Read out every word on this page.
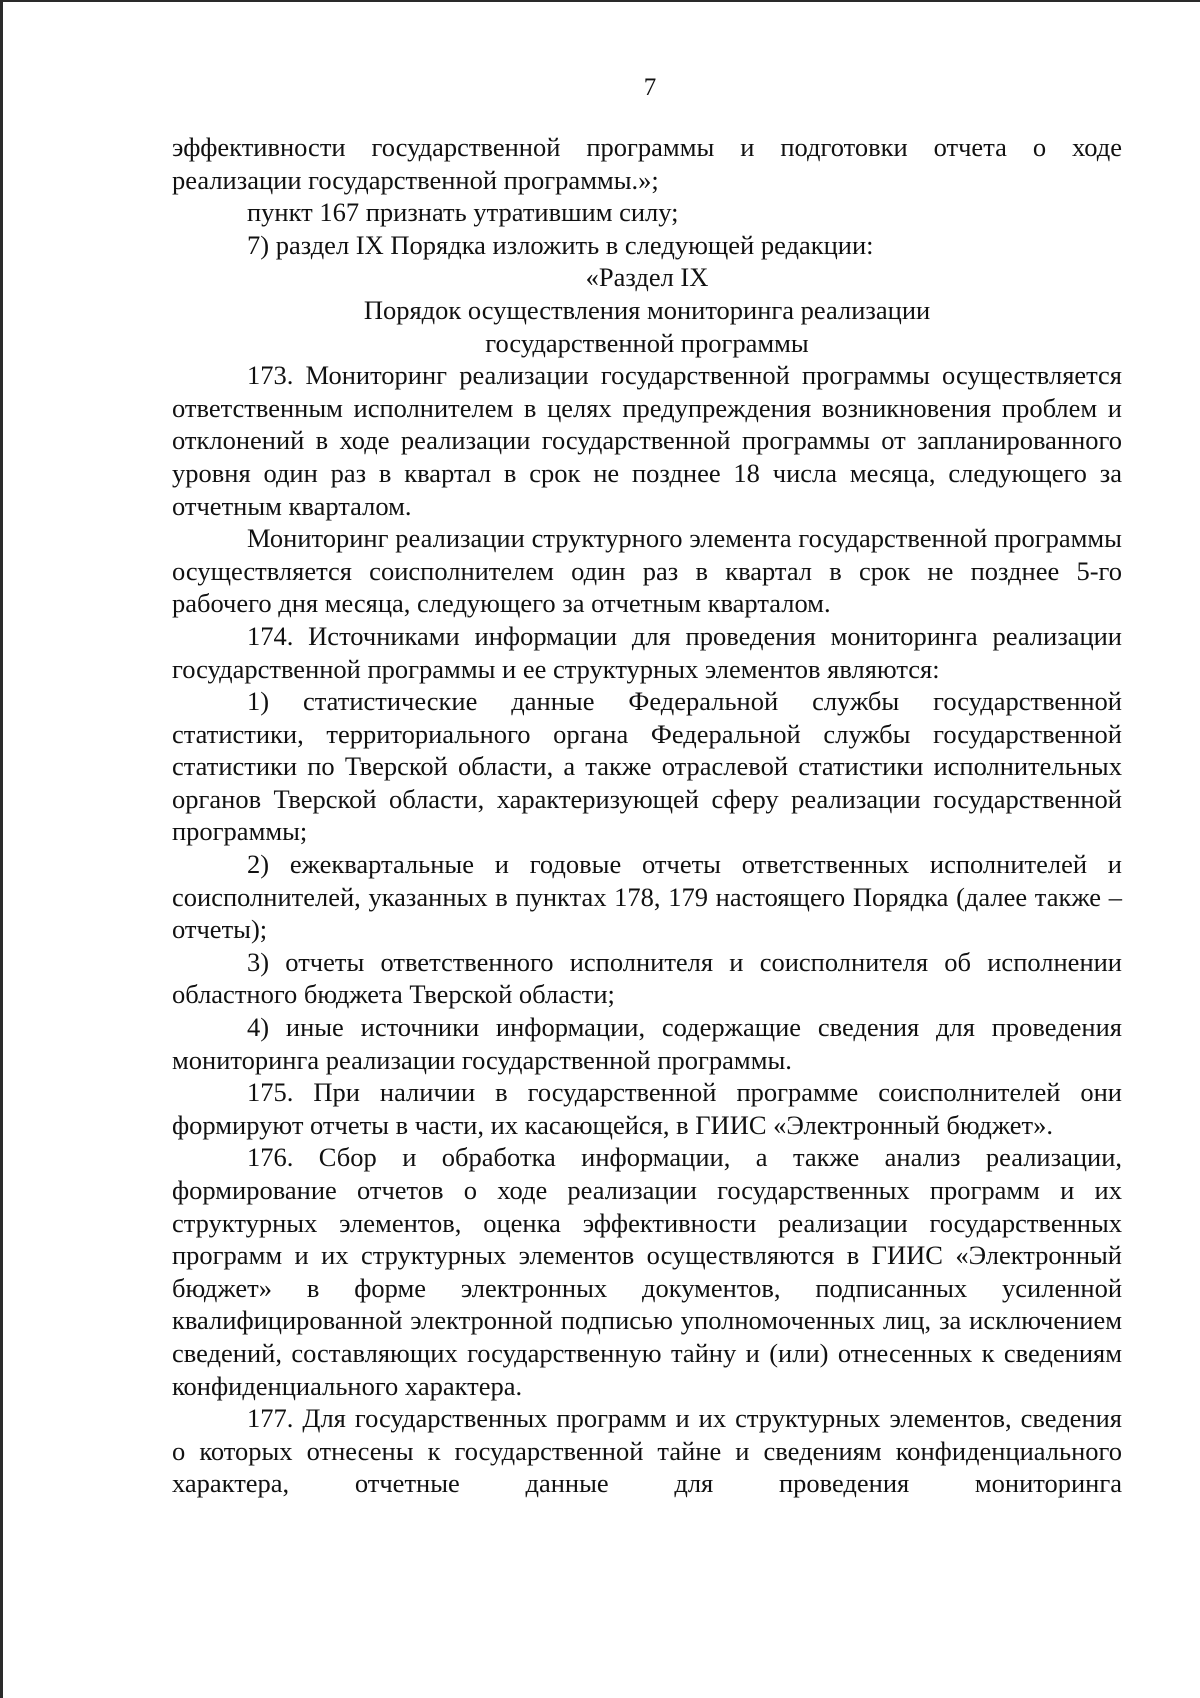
7

эффективности государственной программы и подготовки отчета о ходе реализации государственной программы.»;

пункт 167 признать утратившим силу;

7) раздел IX Порядка изложить в следующей редакции:

«Раздел IX

Порядок осуществления мониторинга реализации государственной программы

173. Мониторинг реализации государственной программы осуществляется ответственным исполнителем в целях предупреждения возникновения проблем и отклонений в ходе реализации государственной программы от запланированного уровня один раз в квартал в срок не позднее 18 числа месяца, следующего за отчетным кварталом.

Мониторинг реализации структурного элемента государственной программы осуществляется соисполнителем один раз в квартал в срок не позднее 5-го рабочего дня месяца, следующего за отчетным кварталом.

174. Источниками информации для проведения мониторинга реализации государственной программы и ее структурных элементов являются:

1) статистические данные Федеральной службы государственной статистики, территориального органа Федеральной службы государственной статистики по Тверской области, а также отраслевой статистики исполнительных органов Тверской области, характеризующей сферу реализации государственной программы;

2) ежеквартальные и годовые отчеты ответственных исполнителей и соисполнителей, указанных в пунктах 178, 179 настоящего Порядка (далее также – отчеты);

3) отчеты ответственного исполнителя и соисполнителя об исполнении областного бюджета Тверской области;

4) иные источники информации, содержащие сведения для проведения мониторинга реализации государственной программы.

175. При наличии в государственной программе соисполнителей они формируют отчеты в части, их касающейся, в ГИИС «Электронный бюджет».

176. Сбор и обработка информации, а также анализ реализации, формирование отчетов о ходе реализации государственных программ и их структурных элементов, оценка эффективности реализации государственных программ и их структурных элементов осуществляются в ГИИС «Электронный бюджет» в форме электронных документов, подписанных усиленной квалифицированной электронной подписью уполномоченных лиц, за исключением сведений, составляющих государственную тайну и (или) отнесенных к сведениям конфиденциального характера.

177. Для государственных программ и их структурных элементов, сведения о которых отнесены к государственной тайне и сведениям конфиденциального характера, отчетные данные для проведения мониторинга
